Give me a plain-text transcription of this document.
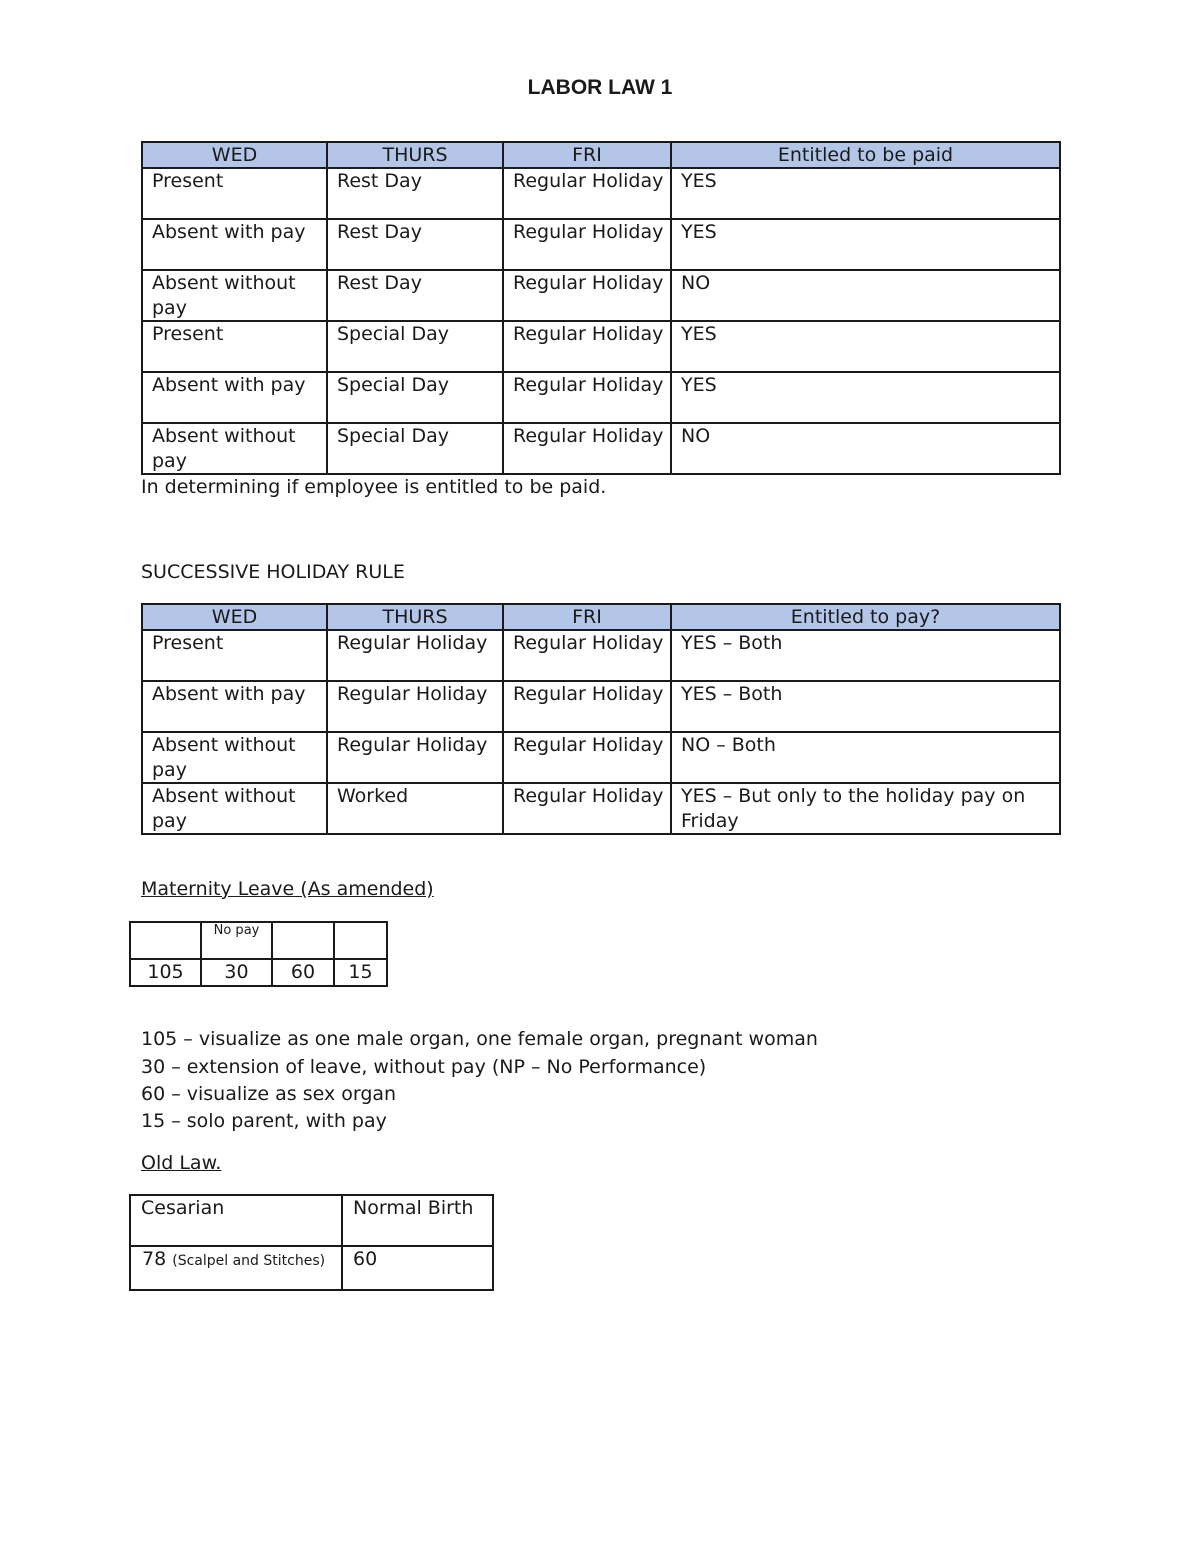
LABOR LAW 1
WED	THURS	FRI	Entitled to be paid
Present	Rest Day	Regular Holiday	YES
Absent with pay	Rest Day	Regular Holiday	YES
Absent without pay	Rest Day	Regular Holiday	NO
Present	Special Day	Regular Holiday	YES
Absent with pay	Special Day	Regular Holiday	YES
Absent without pay	Special Day	Regular Holiday	NO
In determining if employee is entitled to be paid.
SUCCESSIVE HOLIDAY RULE
WED	THURS	FRI	Entitled to pay?
Present	Regular Holiday	Regular Holiday	YES – Both
Absent with pay	Regular Holiday	Regular Holiday	YES – Both
Absent without pay	Regular Holiday	Regular Holiday	NO – Both
Absent without pay	Worked	Regular Holiday	YES – But only to the holiday pay on Friday
Maternity Leave (As amended)
	No pay		
105	30	60	15
105 – visualize as one male organ, one female organ, pregnant woman
30 – extension of leave, without pay (NP – No Performance)
60 – visualize as sex organ
15 – solo parent, with pay
Old Law.
Cesarian	Normal Birth
78 (Scalpel and Stitches)	60
